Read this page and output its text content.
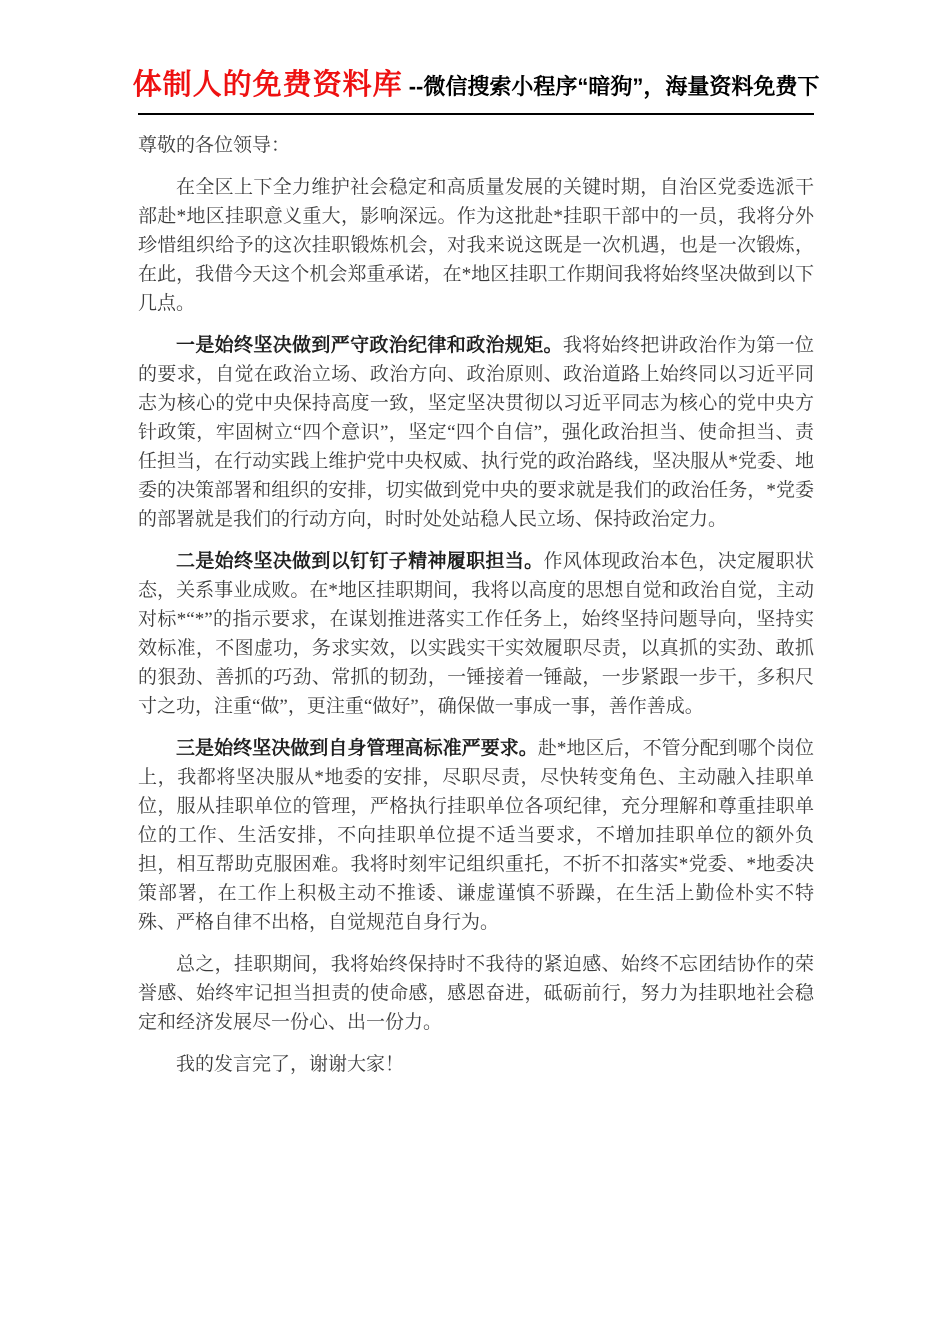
体制人的免费资料库 --微信搜索小程序“暗狗”，海量资料免费下

尊敬的各位领导：

在全区上下全力维护社会稳定和高质量发展的关键时期，自治区党委选派干部赴*地区挂职意义重大，影响深远。作为这批赴*挂职干部中的一员，我将分外珍惜组织给予的这次挂职锻炼机会，对我来说这既是一次机遇，也是一次锻炼，在此，我借今天这个机会郑重承诺，在*地区挂职工作期间我将始终坚决做到以下几点。

一是始终坚决做到严守政治纪律和政治规矩。我将始终把讲政治作为第一位的要求，自觉在政治立场、政治方向、政治原则、政治道路上始终同以习近平同志为核心的党中央保持高度一致，坚定坚决贯彻以习近平同志为核心的党中央方针政策，牢固树立“四个意识”，坚定“四个自信”，强化政治担当、使命担当、责任担当，在行动实践上维护党中央权威、执行党的政治路线，坚决服从*党委、地委的决策部署和组织的安排，切实做到党中央的要求就是我们的政治任务，*党委的部署就是我们的行动方向，时时处处站稳人民立场、保持政治定力。

二是始终坚决做到以钉钉子精神履职担当。作风体现政治本色，决定履职状态，关系事业成败。在*地区挂职期间，我将以高度的思想自觉和政治自觉，主动对标*“*”的指示要求，在谋划推进落实工作任务上，始终坚持问题导向，坚持实效标准，不图虚功，务求实效，以实践实干实效履职尽责，以真抓的实劲、敢抓的狠劲、善抓的巧劲、常抓的韧劲，一锤接着一锤敲，一步紧跟一步干，多积尺寸之功，注重“做”，更注重“做好”，确保做一事成一事，善作善成。

三是始终坚决做到自身管理高标准严要求。赴*地区后，不管分配到哪个岗位上，我都将坚决服从*地委的安排，尽职尽责，尽快转变角色、主动融入挂职单位，服从挂职单位的管理，严格执行挂职单位各项纪律，充分理解和尊重挂职单位的工作、生活安排，不向挂职单位提不适当要求，不增加挂职单位的额外负担，相互帮助克服困难。我将时刻牢记组织重托，不折不扣落实*党委、*地委决策部署，在工作上积极主动不推诿、谦虚谨慎不骄躁，在生活上勤俭朴实不特殊、严格自律不出格，自觉规范自身行为。

总之，挂职期间，我将始终保持时不我待的紧迫感、始终不忘团结协作的荣誉感、始终牢记担当担责的使命感，感恩奋进，砥砺前行，努力为挂职地社会稳定和经济发展尽一份心、出一份力。

我的发言完了，谢谢大家！
